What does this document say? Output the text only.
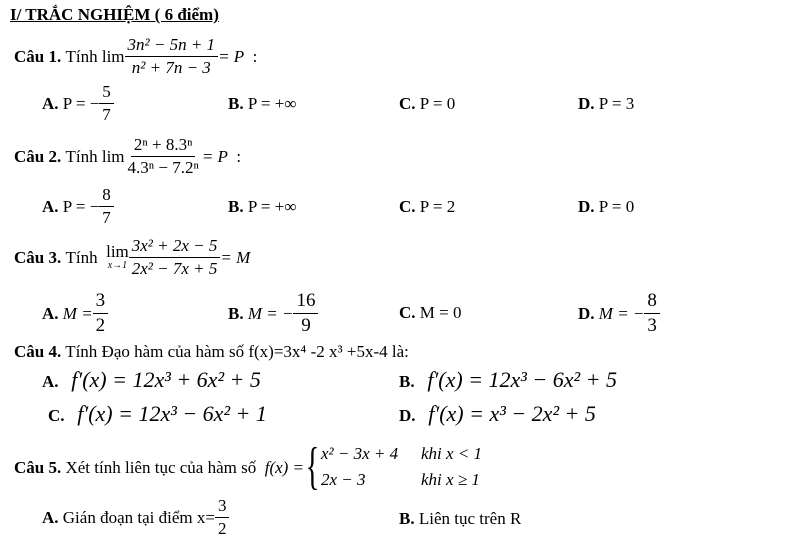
I/ TRẮC NGHIỆM ( 6 điểm)
Câu 1.
Tính
$\lim \frac{\text{3n² − 5n + 1}}{\text{n² + 7n − 3}} = P$
:
A.
P = − $\frac{5}{7}$	B. P = +∞	C. P = 0	D. P = 3
Câu 2.
Tính
$\lim \frac{\text{2ⁿ + 8.3ⁿ}}{\text{4.3ⁿ − 7.2ⁿ}} = P$
:
A.
P = − $\frac{8}{7}$	B. P = +∞	C. P = 2	D. P = 0
Câu 3.
Tính
lim
$x\to 1 \frac{\text{3x² + 2x − 5}}{\text{2x² − 7x + 5}} = M$
A.
$M = \frac{3}{2}$	B.
M = − $\frac{16}{9}$	C. M = 0	D.
M = − $\frac{8}{3}$
Câu 4. Tính Đạo hàm của hàm số f(x)=3x⁴ -2 x³ +5x-4 là:
A. f′(x) = 12x³ + 6x² + 5	B. f′(x) = 12x³ − 6x² + 5
C. f′(x) = 12x³ − 6x² + 1	D. f′(x) = x³ − 2x² + 5
Câu 5.
Xét tính liên tục của hàm số
f(x) = { x² − 3x + 4	khi x < 1
2x − 3	khi x ≥ 1
A.
Gián đoạn tại điểm $x= \frac{3}{2}$	B. Liên tục trên R
